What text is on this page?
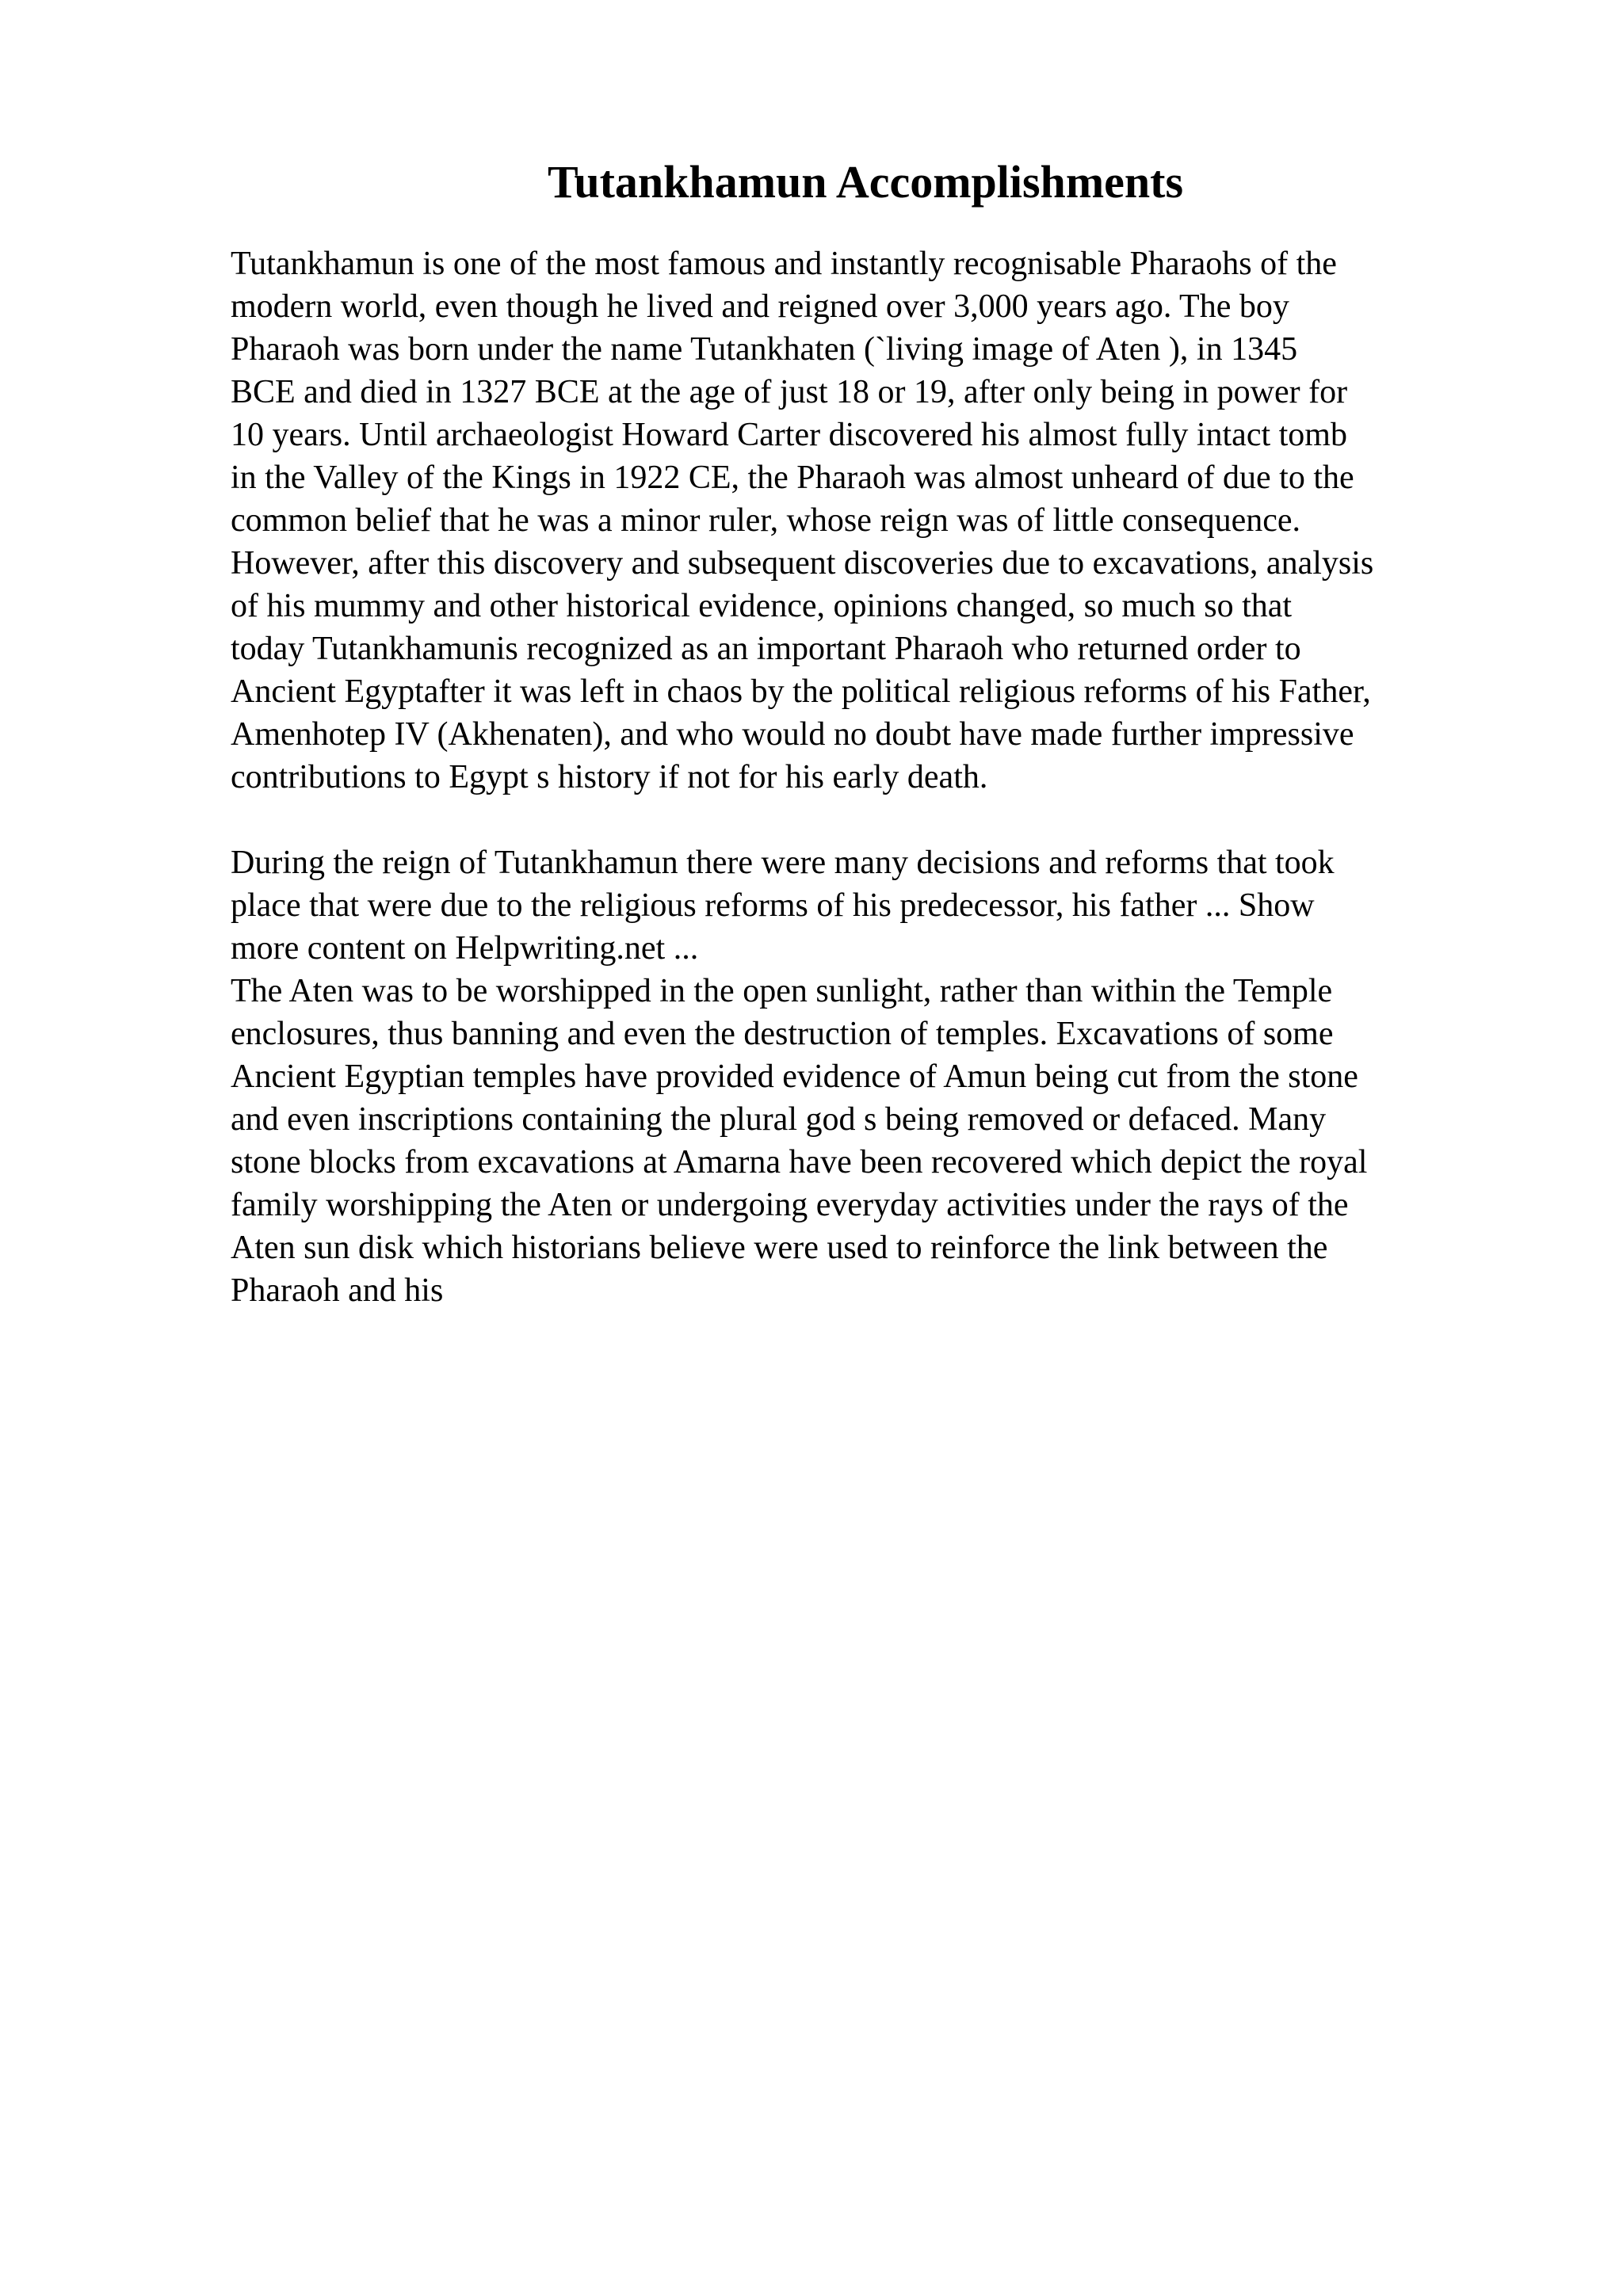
Tutankhamun Accomplishments
Tutankhamun is one of the most famous and instantly recognisable Pharaohs of the
modern world, even though he lived and reigned over 3,000 years ago. The boy
Pharaoh was born under the name Tutankhaten (`living image of Aten ), in 1345
BCE and died in 1327 BCE at the age of just 18 or 19, after only being in power for
10 years. Until archaeologist Howard Carter discovered his almost fully intact tomb
in the Valley of the Kings in 1922 CE, the Pharaoh was almost unheard of due to the
common belief that he was a minor ruler, whose reign was of little consequence.
However, after this discovery and subsequent discoveries due to excavations, analysis
of his mummy and other historical evidence, opinions changed, so much so that
today Tutankhamunis recognized as an important Pharaoh who returned order to
Ancient Egyptafter it was left in chaos by the political religious reforms of his Father,
Amenhotep IV (Akhenaten), and who would no doubt have made further impressive
contributions to Egypt s history if not for his early death.
During the reign of Tutankhamun there were many decisions and reforms that took
place that were due to the religious reforms of his predecessor, his father ... Show
more content on Helpwriting.net ...
The Aten was to be worshipped in the open sunlight, rather than within the Temple
enclosures, thus banning and even the destruction of temples. Excavations of some
Ancient Egyptian temples have provided evidence of Amun being cut from the stone
and even inscriptions containing the plural god s being removed or defaced. Many
stone blocks from excavations at Amarna have been recovered which depict the royal
family worshipping the Aten or undergoing everyday activities under the rays of the
Aten sun disk which historians believe were used to reinforce the link between the
Pharaoh and his
